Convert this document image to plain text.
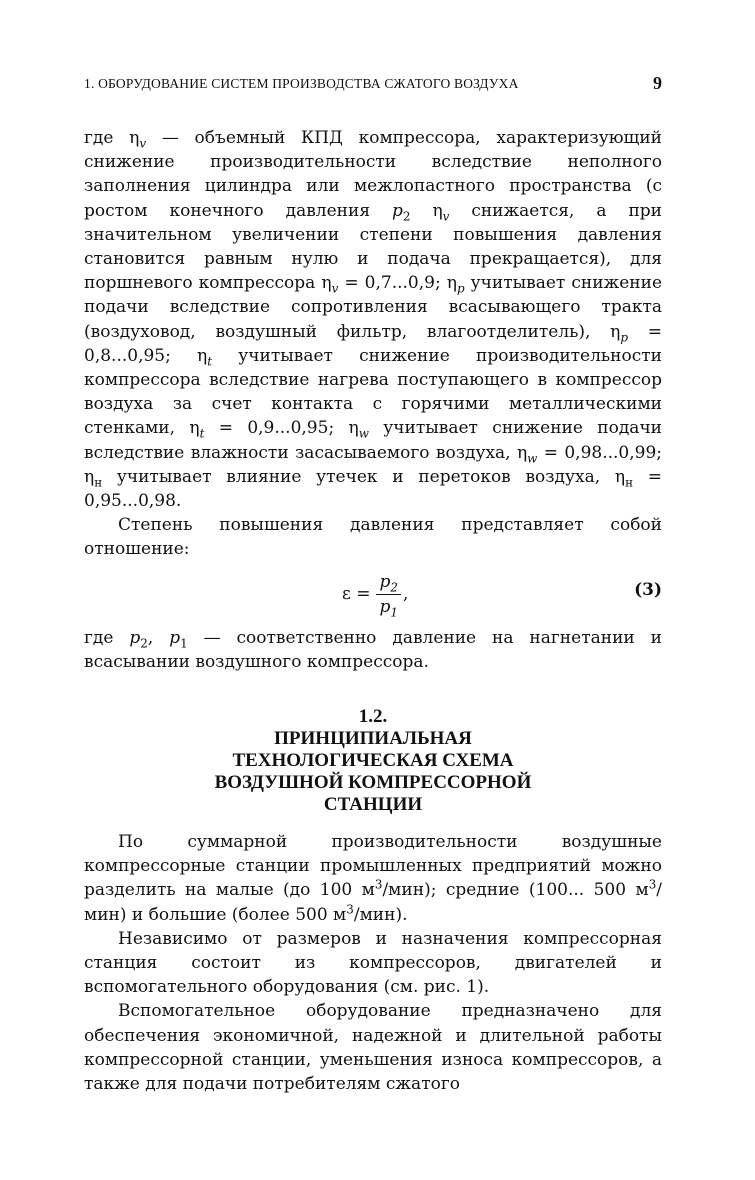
1. ОБОРУДОВАНИЕ СИСТЕМ ПРОИЗВОДСТВА СЖАТОГО ВОЗДУХА	9

где $\eta_v$ — объемный КПД компрессора, характеризующий снижение производительности вследствие неполного заполнения цилиндра или межлопастного пространства (с ростом конечного давления $p_2$ $\eta_v$ снижается, а при значительном увеличении степени повышения давления становится равным нулю и подача прекращается), для поршневого компрессора $\eta_v = 0,7...0,9$; $\eta_p$ учитывает снижение подачи вследствие сопротивления всасывающего тракта (воздуховод, воздушный фильтр, влагоотделитель), $\eta_p = 0,8...0,95$; $\eta_t$ учитывает снижение производительности компрессора вследствие нагрева поступающего в компрессор воздуха за счет контакта с горячими металлическими стенками, $\eta_t = 0,9...0,95$; $\eta_w$ учитывает снижение подачи вследствие влажности засасываемого воздуха, $\eta_w = 0,98...0,99$; $\eta_н$ учитывает влияние утечек и перетоков воздуха, $\eta_н = 0,95...0,98$.

Степень повышения давления представляет собой отношение:

$\varepsilon = \frac{p_2}{p_1}$ ,	(3)

где $p_2$, $p_1$ — соответственно давление на нагнетании и всасывании воздушного компрессора.

1.2.
ПРИНЦИПИАЛЬНАЯ
ТЕХНОЛОГИЧЕСКАЯ СХЕМА
ВОЗДУШНОЙ КОМПРЕССОРНОЙ
СТАНЦИИ

По суммарной производительности воздушные компрессорные станции промышленных предприятий можно разделить на малые (до 100 $м^3/мин$); средние (100... 500 $м^3/мин$) и большие (более 500 $м^3/мин$).

Независимо от размеров и назначения компрессорная станция состоит из компрессоров, двигателей и вспомогательного оборудования (см. рис. 1).

Вспомогательное оборудование предназначено для обеспечения экономичной, надежной и длительной работы компрессорной станции, уменьшения износа компрессоров, а также для подачи потребителям сжатого
